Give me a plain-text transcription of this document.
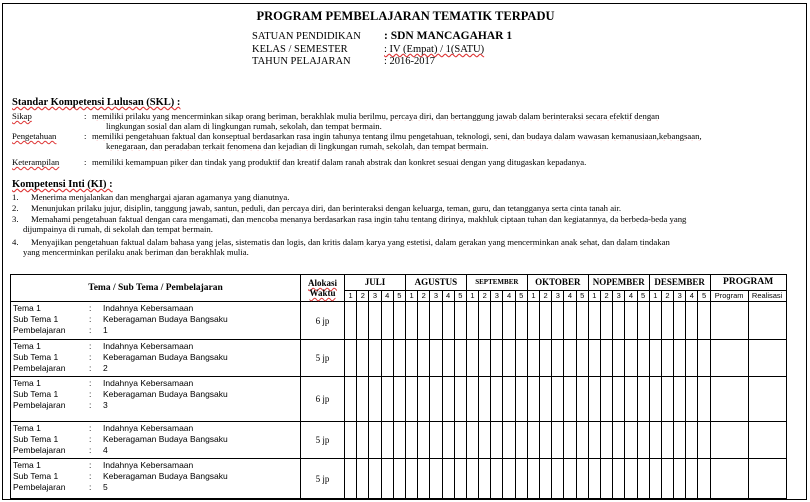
PROGRAM PEMBELAJARAN TEMATIK TERPADU
SATUAN PENDIDIKAN	: SDN MANCAGAHAR 1
KELAS / SEMESTER	: IV (Empat) / 1(SATU)
TAHUN PELAJARAN	: 2016-2017
Standar Kompetensi Lulusan (SKL) :
Sikap	: memiliki prilaku yang mencerminkan sikap orang beriman, berakhlak mulia berilmu, percaya diri, dan bertanggung jawab dalam berinteraksi secara efektif dengan
lingkungan sosial dan alam di lingkungan rumah, sekolah, dan tempat bermain.
Pengetahuan	: memiliki pengetahuan faktual dan konseptual berdasarkan rasa ingin tahunya tentang ilmu pengetahuan, teknologi, seni, dan budaya dalam wawasan kemanusiaan,kebangsaan,
kenegaraan, dan peradaban terkait fenomena dan kejadian di lingkungan rumah, sekolah, dan tempat bermain.
Keterampilan	: memiliki kemampuan piker dan tindak yang produktif dan kreatif dalam ranah abstrak dan konkret sesuai dengan yang ditugaskan kepadanya.
Kompetensi Inti (KI) :
1. Menerima menjalankan dan menghargai ajaran agamanya yang dianutnya.
2. Menunjukan prilaku jujur, disiplin, tanggung jawab, santun, peduli, dan percaya diri, dan berinteraksi dengan keluarga, teman, guru, dan tetangganya serta cinta tanah air.
3. Memahami pengetahuan faktual dengan cara mengamati, dan mencoba menanya berdasarkan rasa ingin tahu tentang dirinya, makhluk ciptaan tuhan dan kegiatannya, da berbeda-beda yang
dijumpainya di rumah, di sekolah dan tempat bermain.
4. Menyajikan pengetahuan faktual dalam bahasa yang jelas, sistematis dan logis, dan kritis dalam karya yang estetisi, dalam gerakan yang mencerminkan anak sehat, dan dalam tindakan
yang mencerminkan perilaku anak beriman dan berakhlak mulia.
Tema / Sub Tema / Pembelajaran	Alokasi
Waktu	JULI					AGUSTUS					SEPTEMBER					OKTOBER					NOPEMBER					DESEMBER					PROGRAM	
		1	2	3	4	5	1	2	3	4	5	1	2	3	4	5	1	2	3	4	5	1	2	3	4	5	1	2	3	4	5	Program	Realisasi

Tema 1 : Indahnya Kebersamaan
Sub Tema 1 : Keberagaman Budaya Bangsaku
Pembelajaran : 1	6 jp																																

Tema 1 : Indahnya Kebersamaan
Sub Tema 1 : Keberagaman Budaya Bangsaku
Pembelajaran : 2	5 jp																																

Tema 1 : Indahnya Kebersamaan
Sub Tema 1 : Keberagaman Budaya Bangsaku
Pembelajaran : 3	6 jp																																

Tema 1 : Indahnya Kebersamaan
Sub Tema 1 : Keberagaman Budaya Bangsaku
Pembelajaran : 4	5 jp																																

Tema 1 : Indahnya Kebersamaan
Sub Tema 1 : Keberagaman Budaya Bangsaku
Pembelajaran : 5	5 jp																																
